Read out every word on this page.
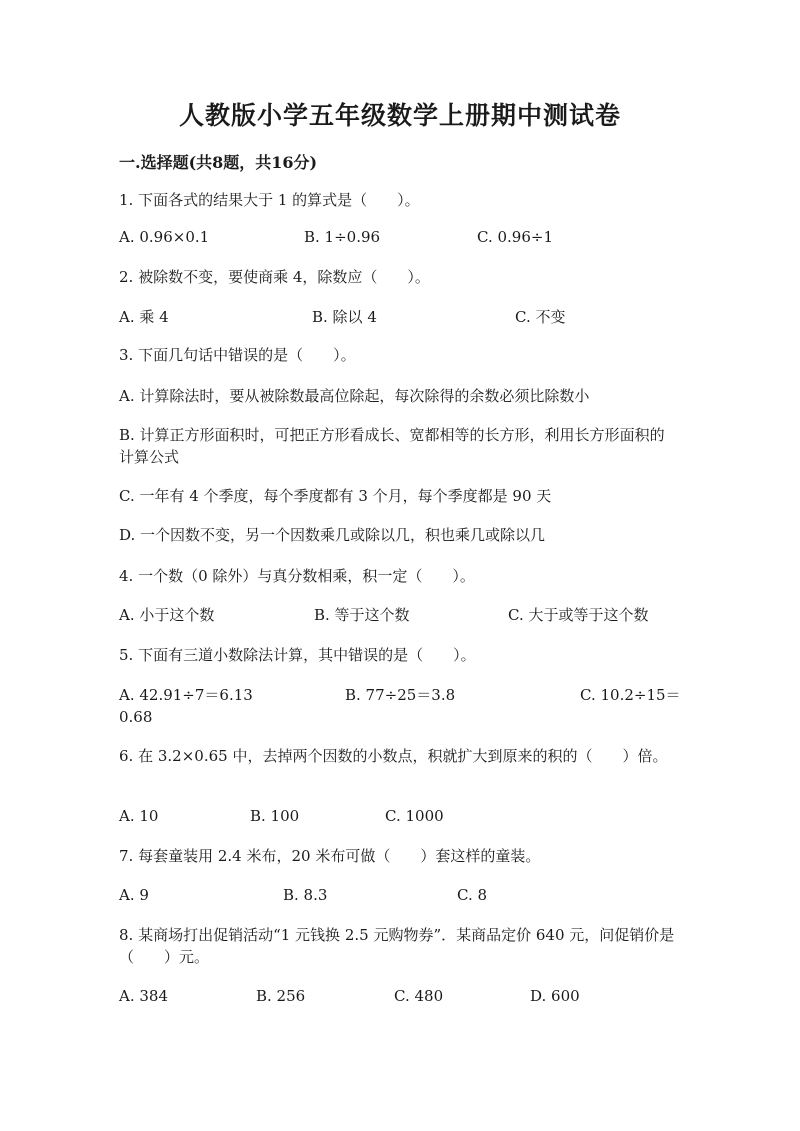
人教版小学五年级数学上册期中测试卷
一.选择题(共8题，共16分)
1. 下面各式的结果大于 1 的算式是（　　）。
A. 0.96×0.1	B. 1÷0.96	C. 0.96÷1
2. 被除数不变，要使商乘 4，除数应（　　）。
A. 乘 4	B. 除以 4	C. 不变
3. 下面几句话中错误的是（　　）。
A. 计算除法时，要从被除数最高位除起，每次除得的余数必须比除数小
B. 计算正方形面积时，可把正方形看成长、宽都相等的长方形，利用长方形面积的计算公式
C. 一年有 4 个季度，每个季度都有 3 个月，每个季度都是 90 天
D. 一个因数不变，另一个因数乘几或除以几，积也乘几或除以几
4. 一个数（0 除外）与真分数相乘，积一定（　　）。
A. 小于这个数	B. 等于这个数	C. 大于或等于这个数
5. 下面有三道小数除法计算，其中错误的是（　　）。
A. 42.91÷7＝6.13	B. 77÷25＝3.8	C. 10.2÷15＝
0.68
6. 在 3.2×0.65 中，去掉两个因数的小数点，积就扩大到原来的积的（　　）倍。
A. 10	B. 100	C. 1000
7. 每套童装用 2.4 米布，20 米布可做（　　）套这样的童装。
A. 9	B. 8.3	C. 8
8. 某商场打出促销活动“1 元钱换 2.5 元购物券”．某商品定价 640 元，问促销价是（　　）元。
A. 384	B. 256	C. 480	D. 600
